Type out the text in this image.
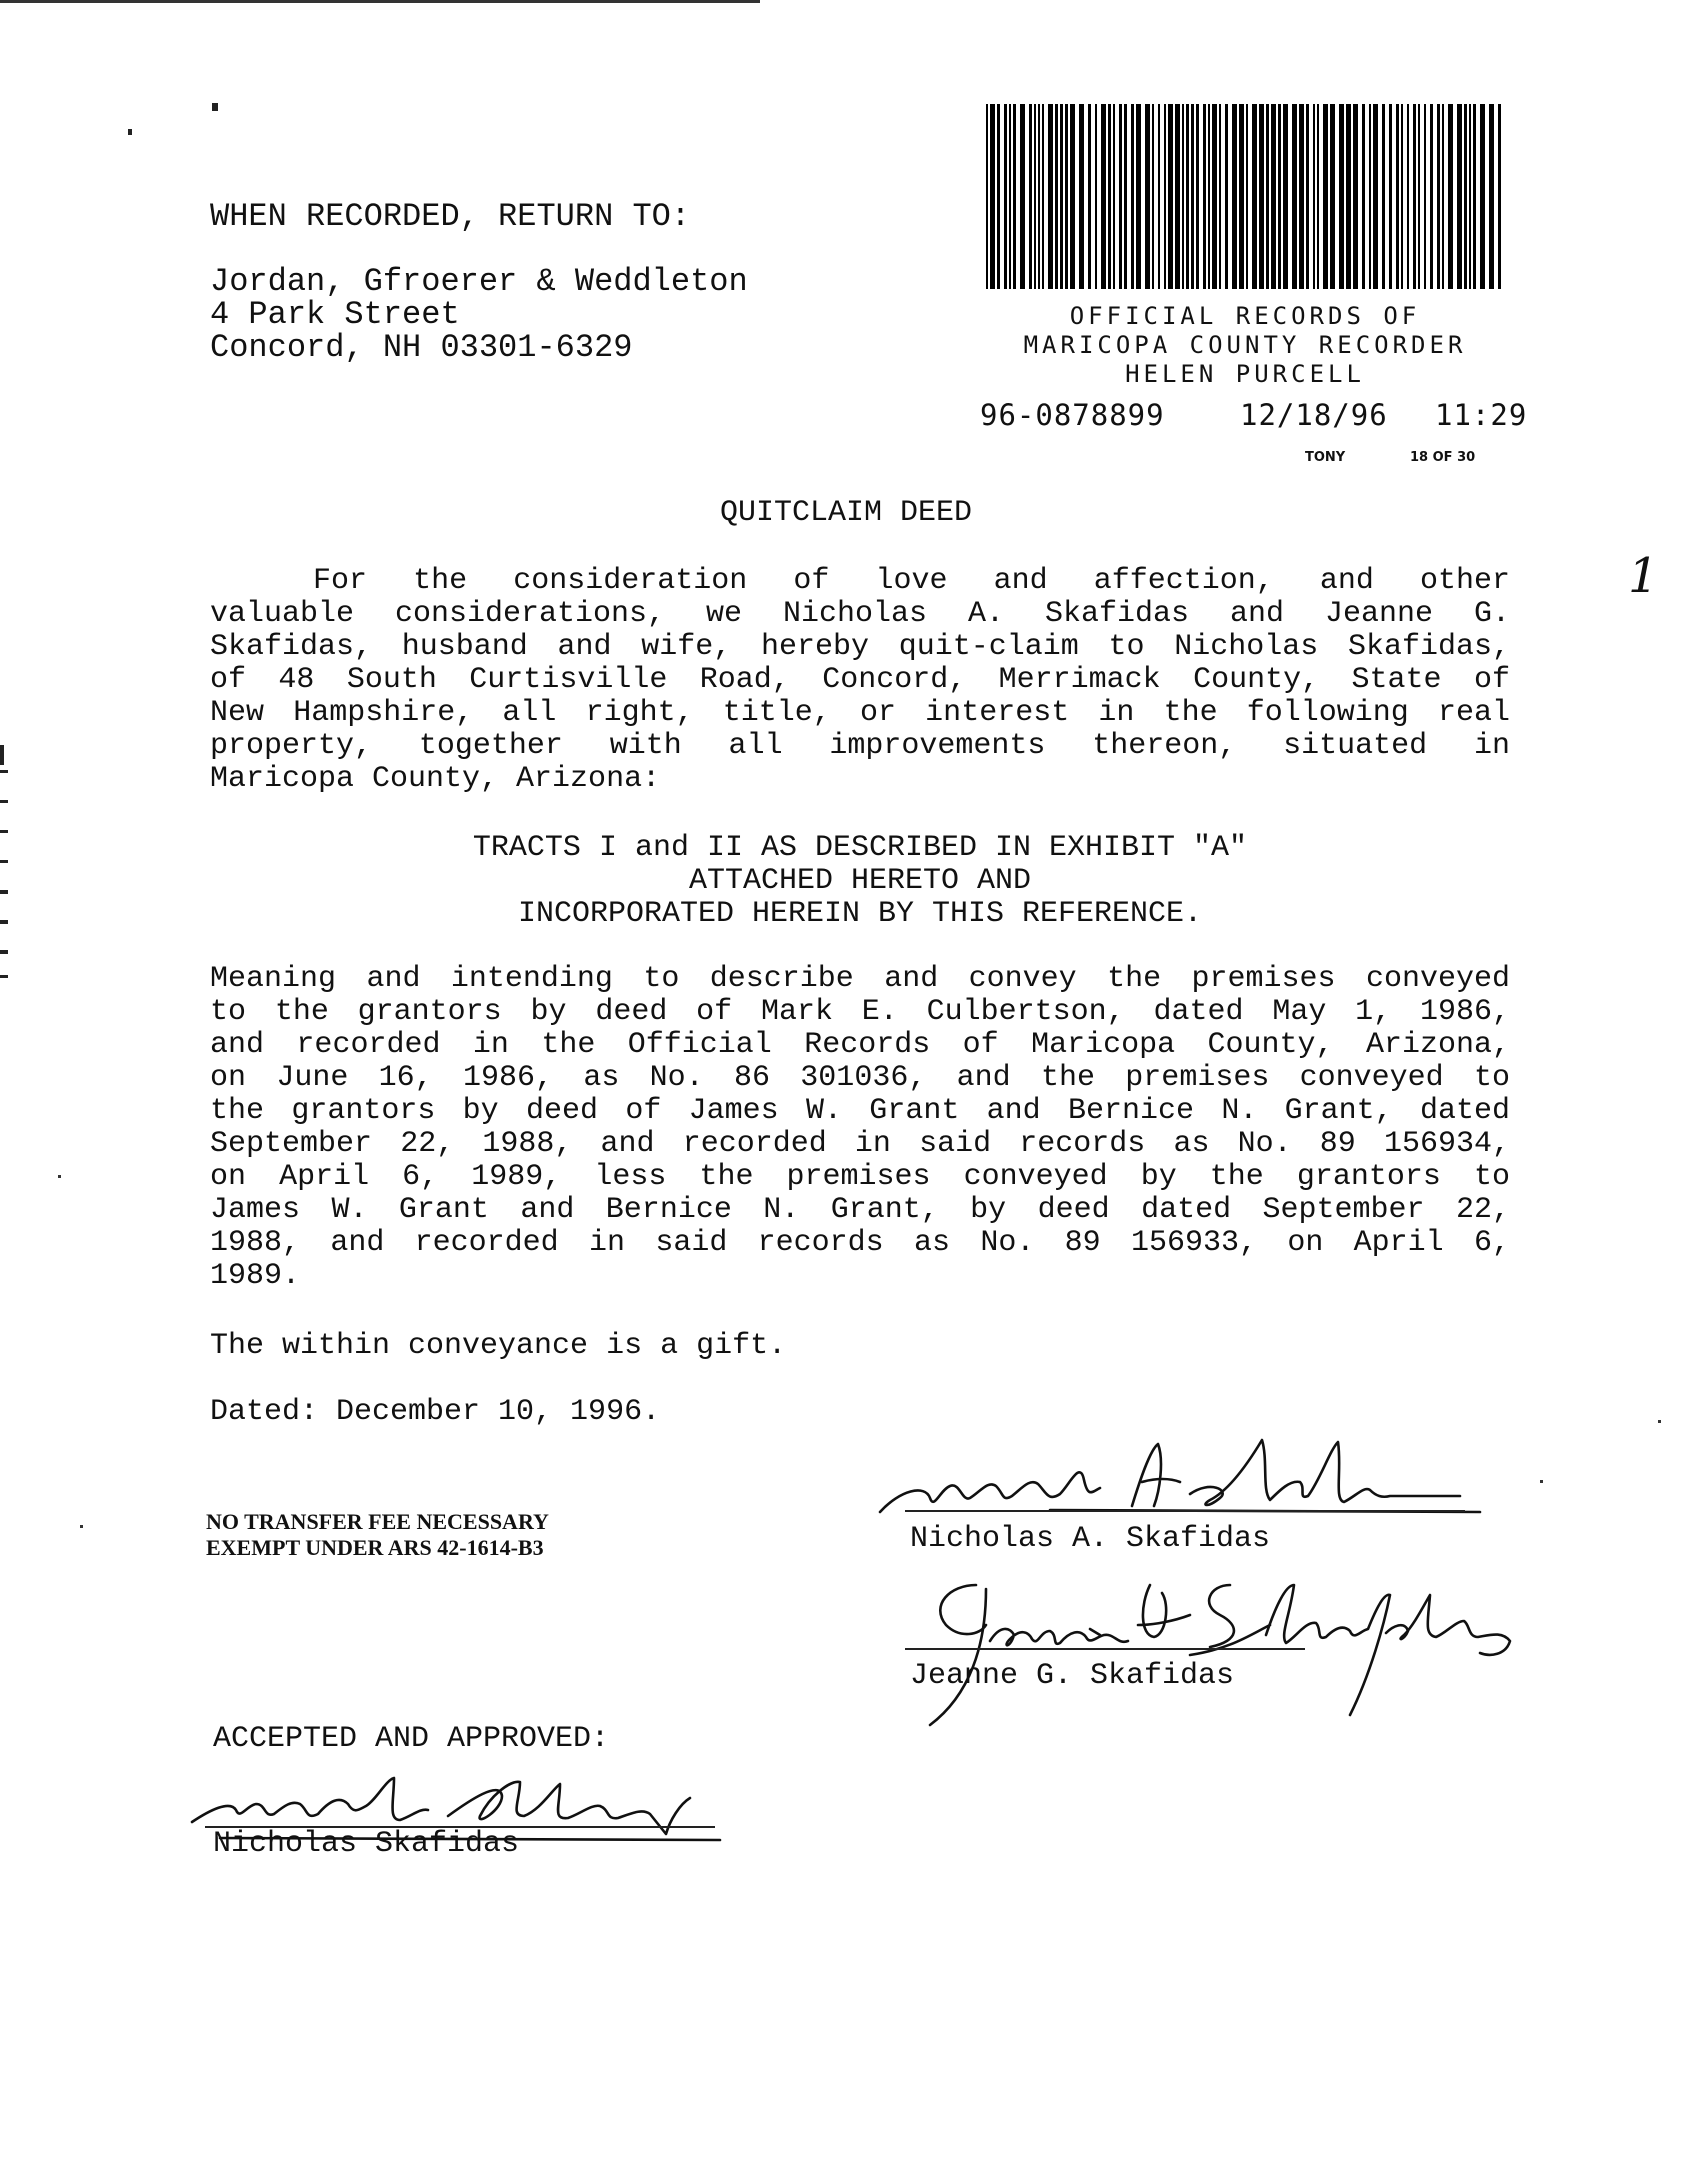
WHEN RECORDED, RETURN TO:
Jordan, Gfroerer & Weddleton
4 Park Street
Concord, NH 03301-6329
OFFICIAL RECORDS OF
MARICOPA COUNTY RECORDER
HELEN PURCELL
96-0878899	12/18/96 11:29
TONY	18 OF 30
QUITCLAIM DEED
1
For the consideration of love and affection, and other
valuable considerations, we Nicholas A. Skafidas and Jeanne G.
Skafidas, husband and wife, hereby quit-claim to Nicholas Skafidas,
of 48 South Curtisville Road, Concord, Merrimack County, State of
New Hampshire, all right, title, or interest in the following real
property, together with all improvements thereon, situated in
Maricopa County, Arizona:
TRACTS I and II AS DESCRIBED IN EXHIBIT "A"
ATTACHED HERETO AND
INCORPORATED HEREIN BY THIS REFERENCE.
Meaning and intending to describe and convey the premises conveyed
to the grantors by deed of Mark E. Culbertson, dated May 1, 1986,
and recorded in the Official Records of Maricopa County, Arizona,
on June 16, 1986, as No. 86 301036, and the premises conveyed to
the grantors by deed of James W. Grant and Bernice N. Grant, dated
September 22, 1988, and recorded in said records as No. 89 156934,
on April 6, 1989, less the premises conveyed by the grantors to
James W. Grant and Bernice N. Grant, by deed dated September 22,
1988, and recorded in said records as No. 89 156933, on April 6,
1989.
The within conveyance is a gift.
Dated: December 10, 1996.
NO TRANSFER FEE NECESSARY
EXEMPT UNDER ARS 42-1614-B3	Nicholas A. Skafidas
Jeanne G. Skafidas
ACCEPTED AND APPROVED:
Nicholas Skafidas
